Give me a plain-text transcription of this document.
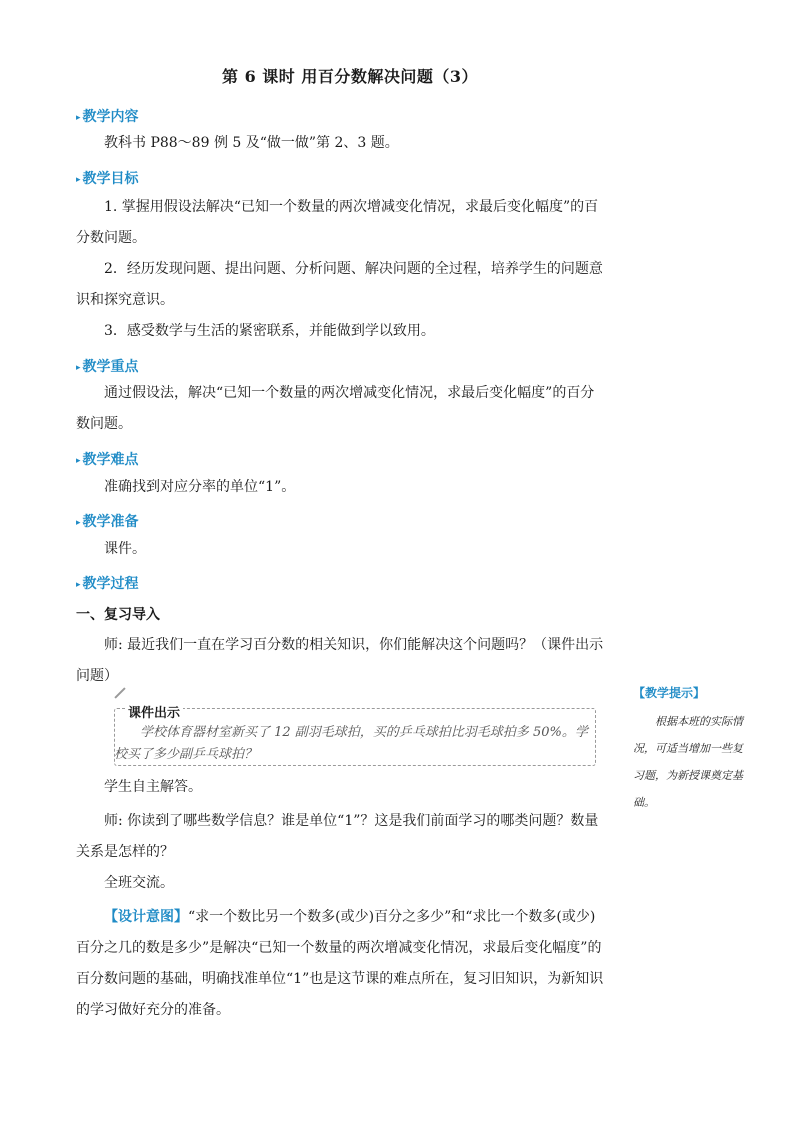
第 6 课时 用百分数解决问题（3）
▸ 教学内容
教科书 P88～89 例 5 及“做一做”第 2、3 题。
▸ 教学目标
1. 掌握用假设法解决“已知一个数量的两次增减变化情况，求最后变化幅度”的百分数问题。
2．经历发现问题、提出问题、分析问题、解决问题的全过程，培养学生的问题意识和探究意识。
3．感受数学与生活的紧密联系，并能做到学以致用。
▸ 教学重点
通过假设法，解决“已知一个数量的两次增减变化情况，求最后变化幅度”的百分数问题。
▸ 教学难点
准确找到对应分率的单位“1”。
▸ 教学准备
课件。
▸ 教学过程
一、复习导入
师: 最近我们一直在学习百分数的相关知识，你们能解决这个问题吗？（课件出示问题）
课件出示
学校体育器材室新买了 12 副羽毛球拍，买的乒乓球拍比羽毛球拍多 50%。学校买了多少副乒乓球拍？
学生自主解答。
师: 你读到了哪些数学信息？谁是单位“1”？这是我们前面学习的哪类问题？数量关系是怎样的？
全班交流。
【设计意图】“求一个数比另一个数多(或少)百分之多少”和“求比一个数多(或少)百分之几的数是多少”是解决“已知一个数量的两次增减变化情况，求最后变化幅度”的百分数问题的基础，明确找准单位“1”也是这节课的难点所在，复习旧知识，为新知识的学习做好充分的准备。
【教学提示】
根据本班的实际情况，可适当增加一些复习题，为新授课奠定基础。
